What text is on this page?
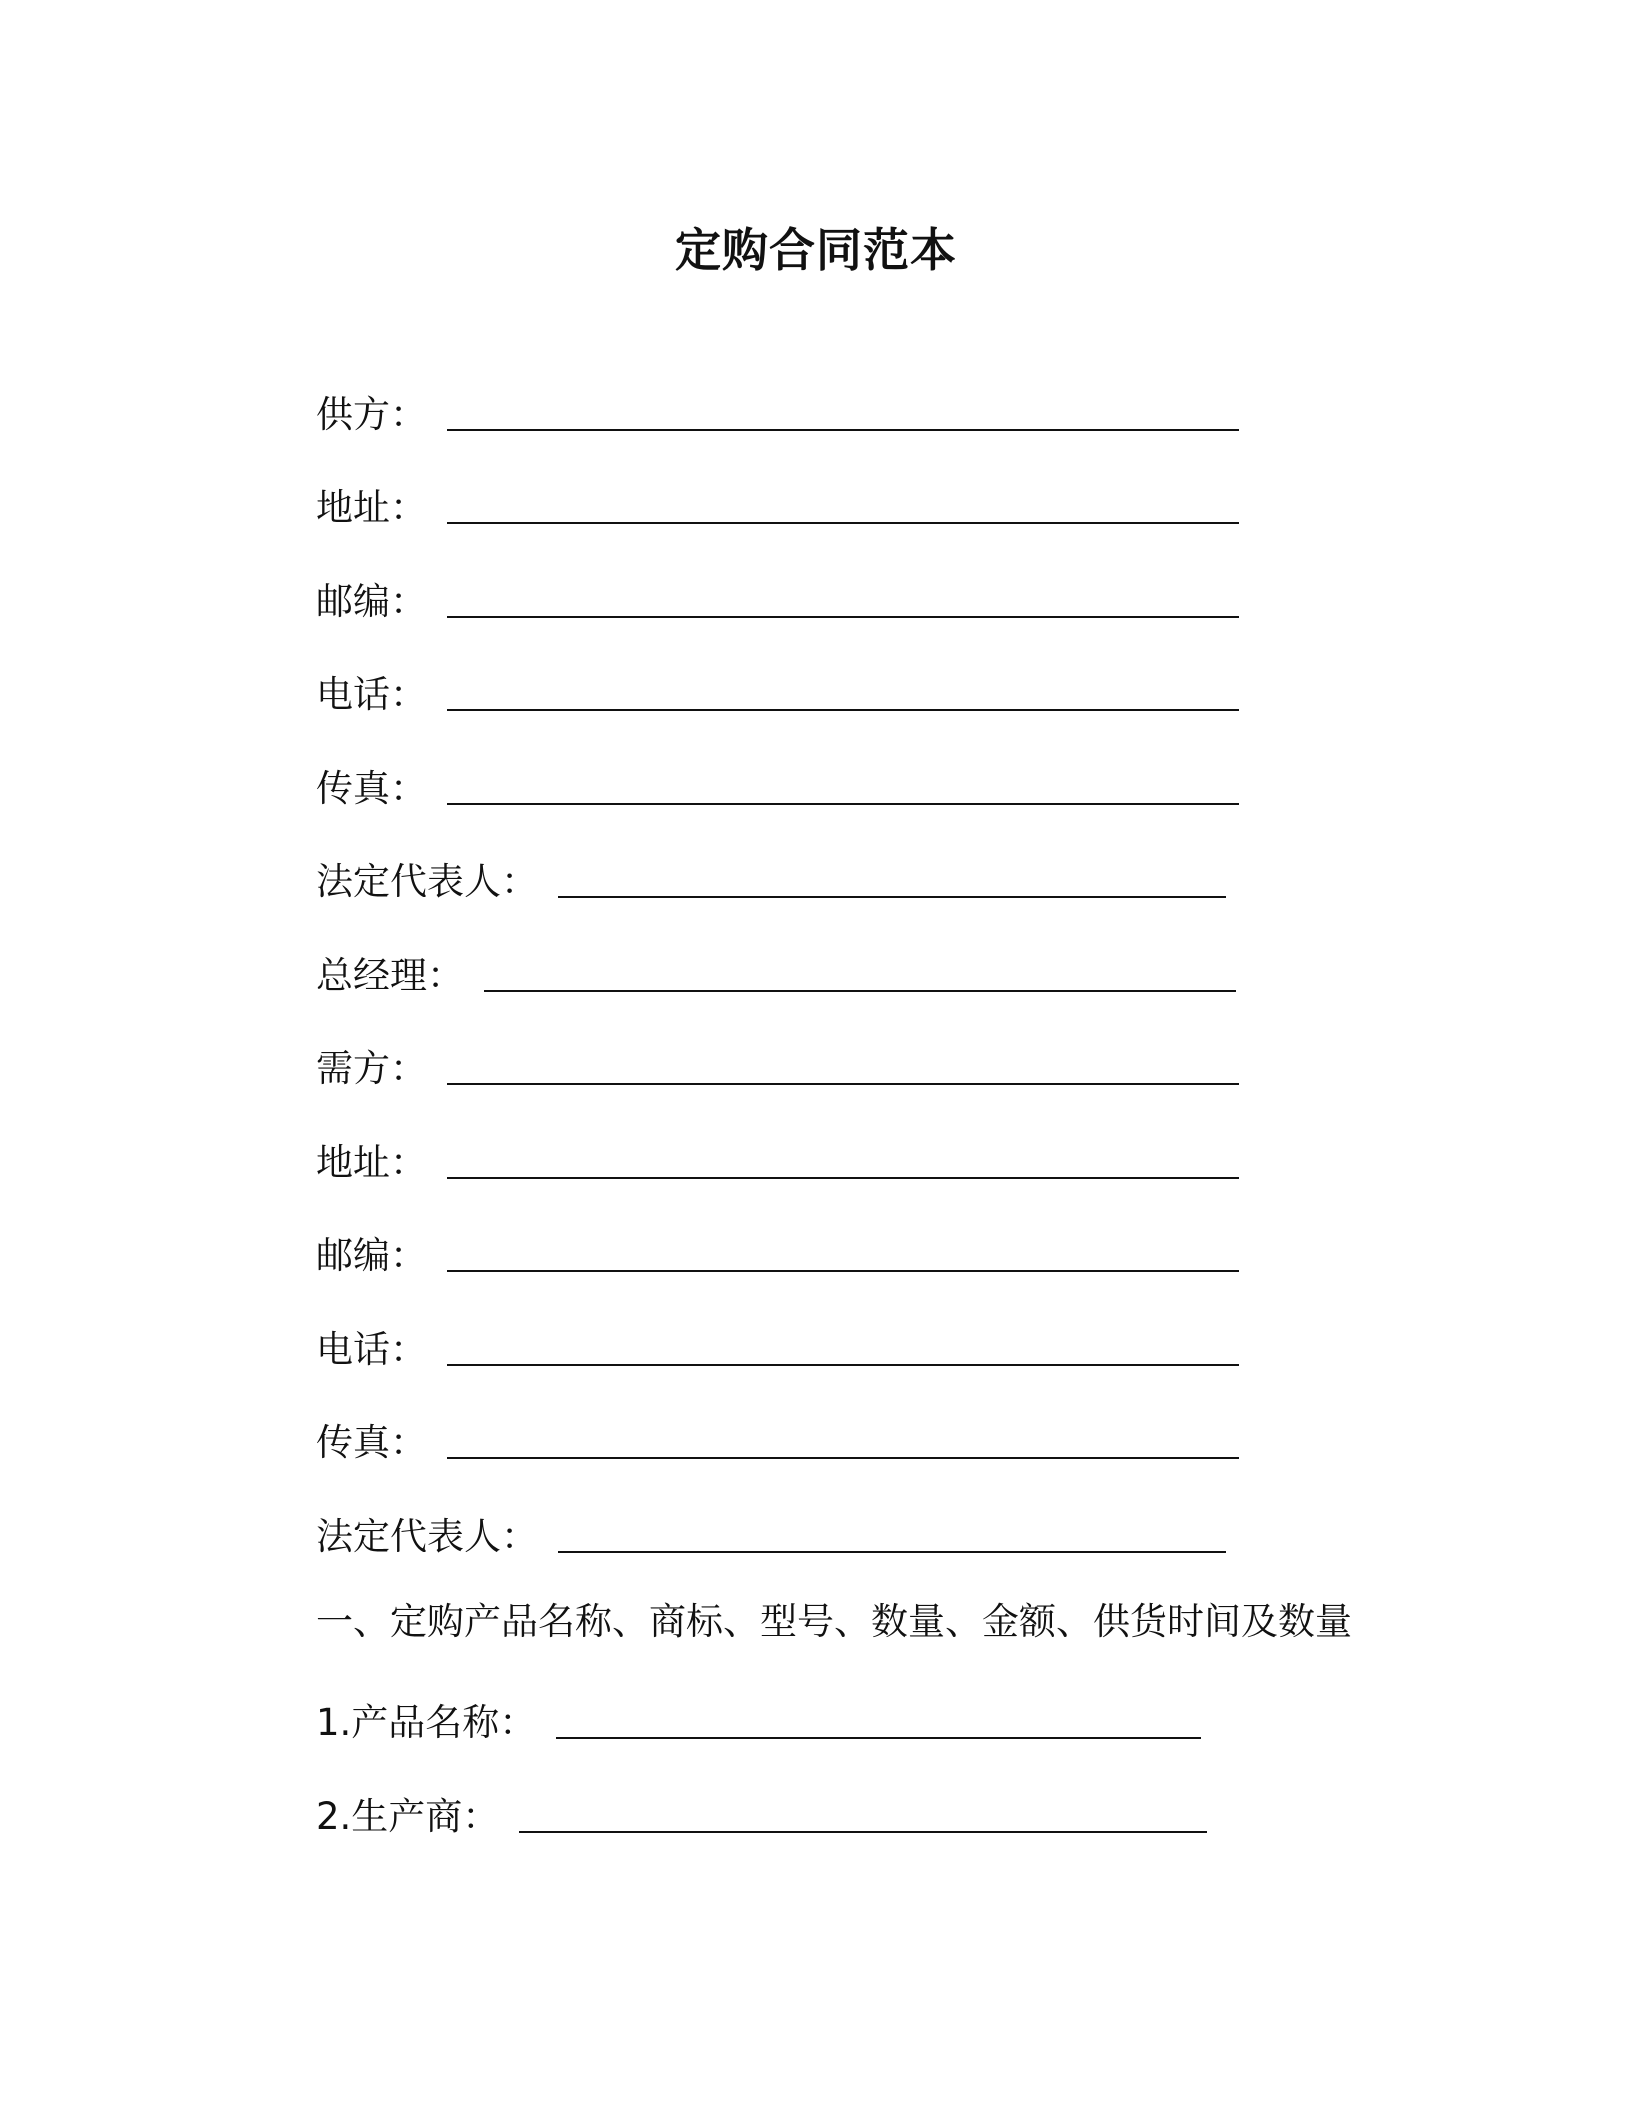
定购合同范本
供方：
地址：
邮编：
电话：
传真：
法定代表人：
总经理：
需方：
地址：
邮编：
电话：
传真：
法定代表人：
一、定购产品名称、商标、型号、数量、金额、供货时间及数量
1.产品名称：
2.生产商：
